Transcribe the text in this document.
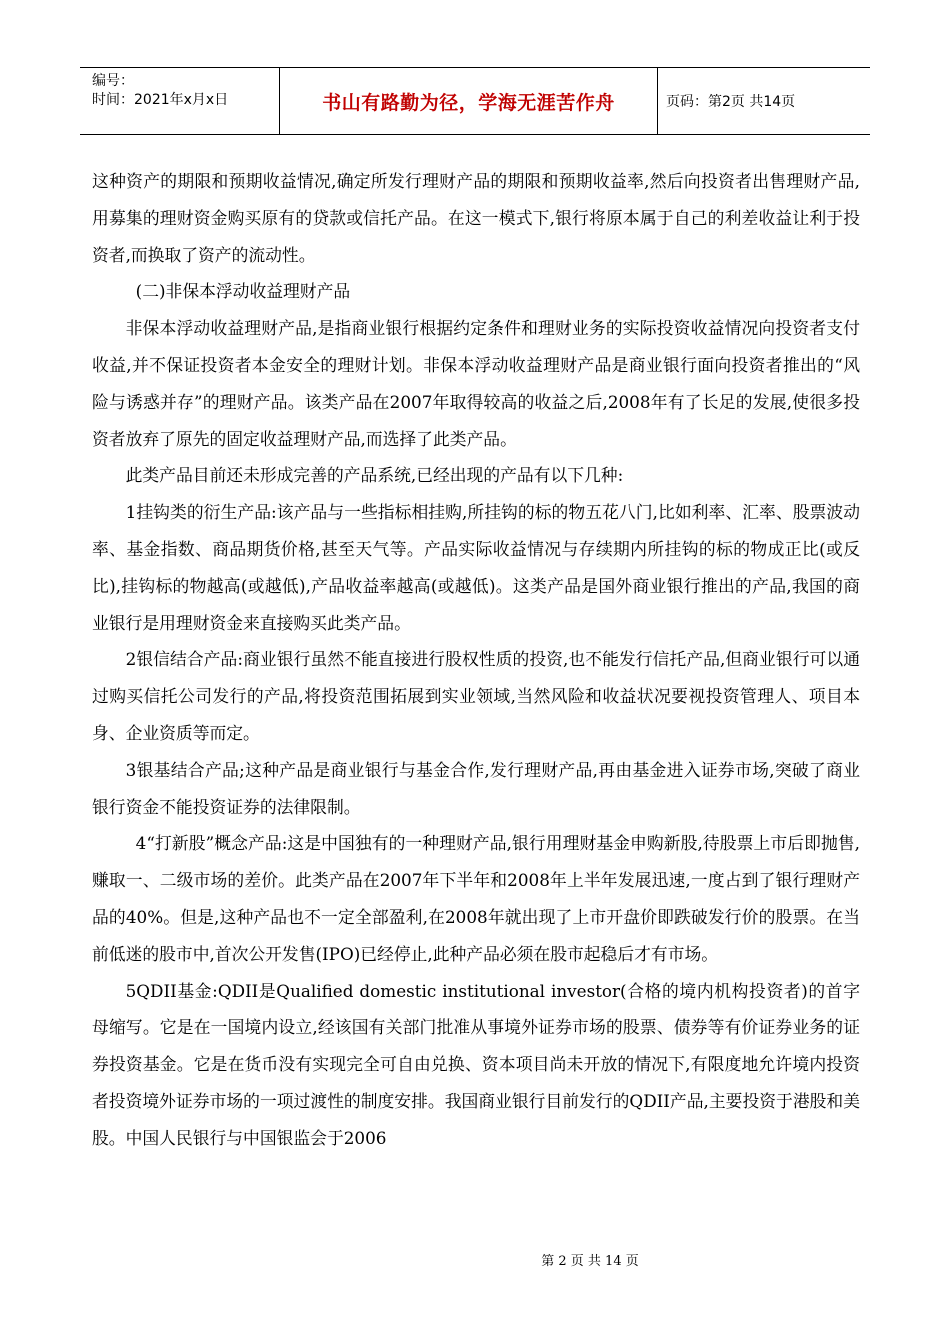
编号：
时间：2021年x月x日	书山有路勤为径，学海无涯苦作舟	页码：第2页 共14页

这种资产的期限和预期收益情况,确定所发行理财产品的期限和预期收益率,然后向投资者出售理财产品,用募集的理财资金购买原有的贷款或信托产品。在这一模式下,银行将原本属于自己的利差收益让利于投资者,而换取了资产的流动性。

(二)非保本浮动收益理财产品

非保本浮动收益理财产品,是指商业银行根据约定条件和理财业务的实际投资收益情况向投资者支付收益,并不保证投资者本金安全的理财计划。非保本浮动收益理财产品是商业银行面向投资者推出的“风险与诱惑并存”的理财产品。该类产品在2007年取得较高的收益之后,2008年有了长足的发展,使很多投资者放弃了原先的固定收益理财产品,而选择了此类产品。

此类产品目前还未形成完善的产品系统,已经出现的产品有以下几种:

1挂钩类的衍生产品:该产品与一些指标相挂购,所挂钩的标的物五花八门,比如利率、汇率、股票波动率、基金指数、商品期货价格,甚至天气等。产品实际收益情况与存续期内所挂钩的标的物成正比(或反比),挂钩标的物越高(或越低),产品收益率越高(或越低)。这类产品是国外商业银行推出的产品,我国的商业银行是用理财资金来直接购买此类产品。

2银信结合产品:商业银行虽然不能直接进行股权性质的投资,也不能发行信托产品,但商业银行可以通过购买信托公司发行的产品,将投资范围拓展到实业领域,当然风险和收益状况要视投资管理人、项目本身、企业资质等而定。

3银基结合产品;这种产品是商业银行与基金合作,发行理财产品,再由基金进入证券市场,突破了商业银行资金不能投资证券的法律限制。

4“打新股”概念产品:这是中国独有的一种理财产品,银行用理财基金申购新股,待股票上市后即抛售,赚取一、二级市场的差价。此类产品在2007年下半年和2008年上半年发展迅速,一度占到了银行理财产品的40%。但是,这种产品也不一定全部盈利,在2008年就出现了上市开盘价即跌破发行价的股票。在当前低迷的股市中,首次公开发售(IPO)已经停止,此种产品必须在股市起稳后才有市场。

5QDII基金:QDII是Qualified domestic institutional investor(合格的境内机构投资者)的首字母缩写。它是在一国境内设立,经该国有关部门批准从事境外证券市场的股票、债券等有价证券业务的证券投资基金。它是在货币没有实现完全可自由兑换、资本项目尚未开放的情况下,有限度地允许境内投资者投资境外证券市场的一项过渡性的制度安排。我国商业银行目前发行的QDII产品,主要投资于港股和美股。中国人民银行与中国银监会于2006

第 2 页 共 14 页
